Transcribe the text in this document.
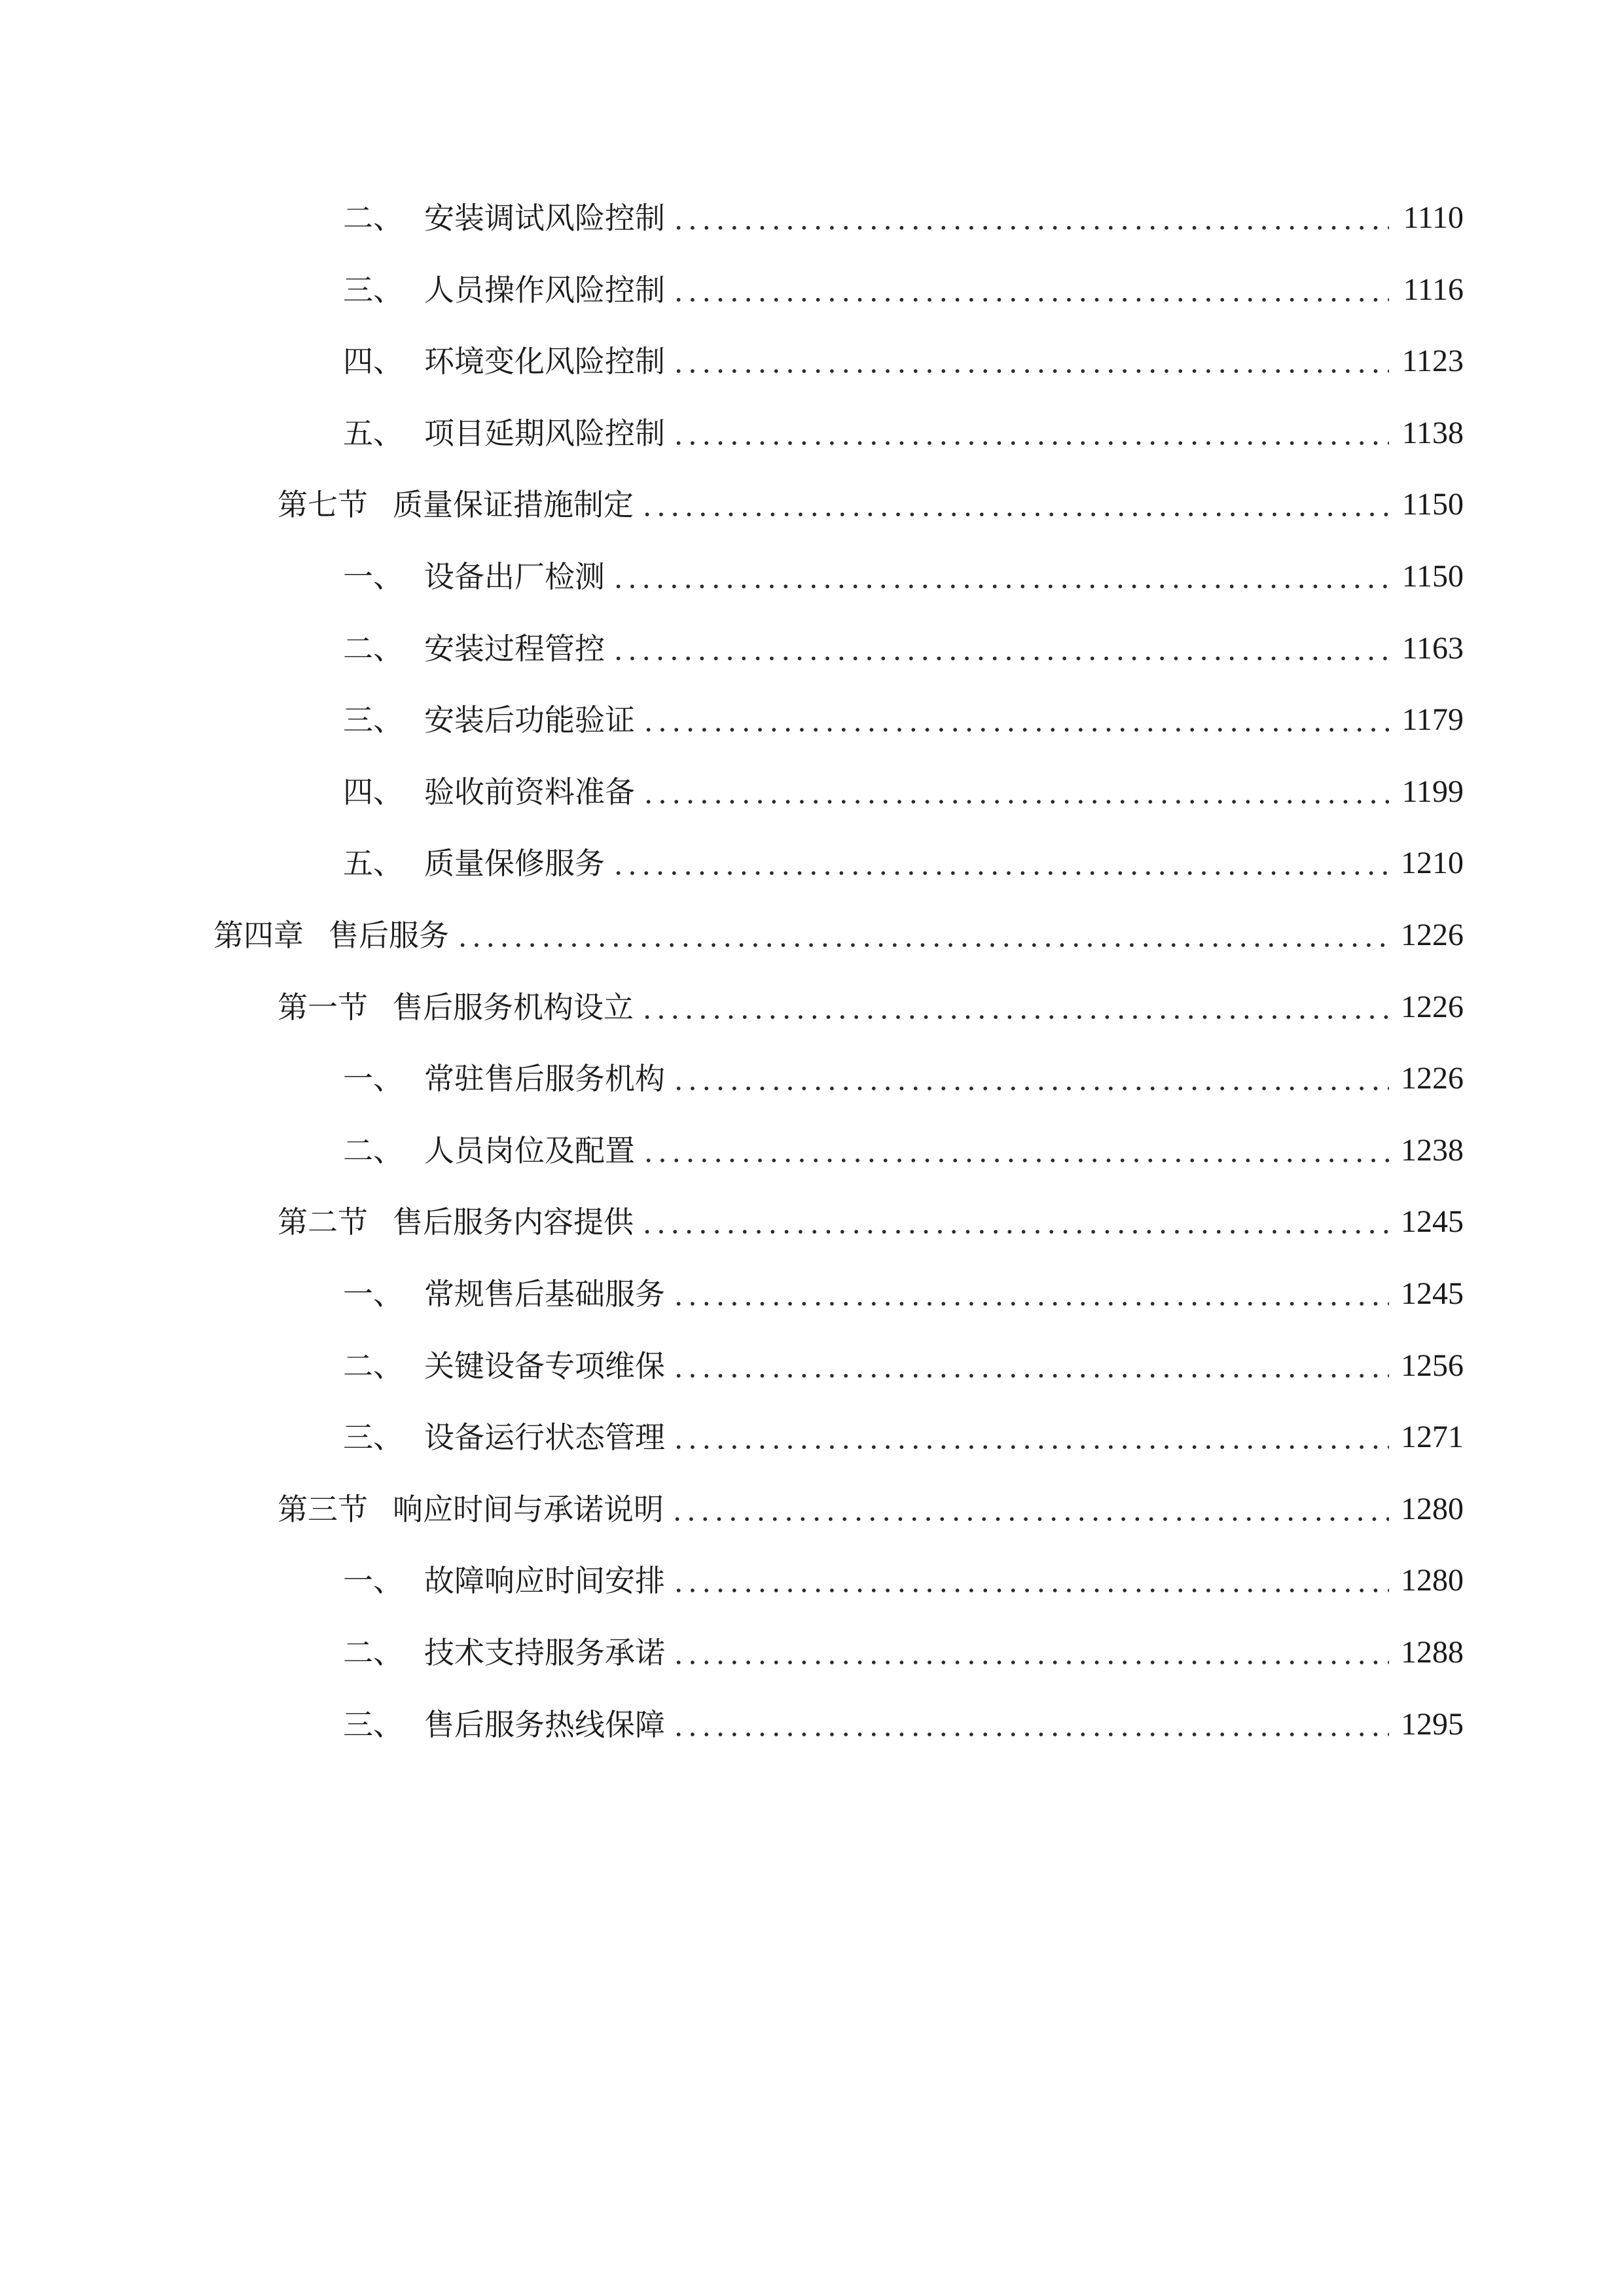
二、 安装调试风险控制	1110
三、 人员操作风险控制	1116
四、 环境变化风险控制	1123
五、 项目延期风险控制	1138
第七节 质量保证措施制定	1150
一、 设备出厂检测	1150
二、 安装过程管控	1163
三、 安装后功能验证	1179
四、 验收前资料准备	1199
五、 质量保修服务	1210
第四章 售后服务	1226
第一节 售后服务机构设立	1226
一、 常驻售后服务机构	1226
二、 人员岗位及配置	1238
第二节 售后服务内容提供	1245
一、 常规售后基础服务	1245
二、 关键设备专项维保	1256
三、 设备运行状态管理	1271
第三节 响应时间与承诺说明	1280
一、 故障响应时间安排	1280
二、 技术支持服务承诺	1288
三、 售后服务热线保障	1295
